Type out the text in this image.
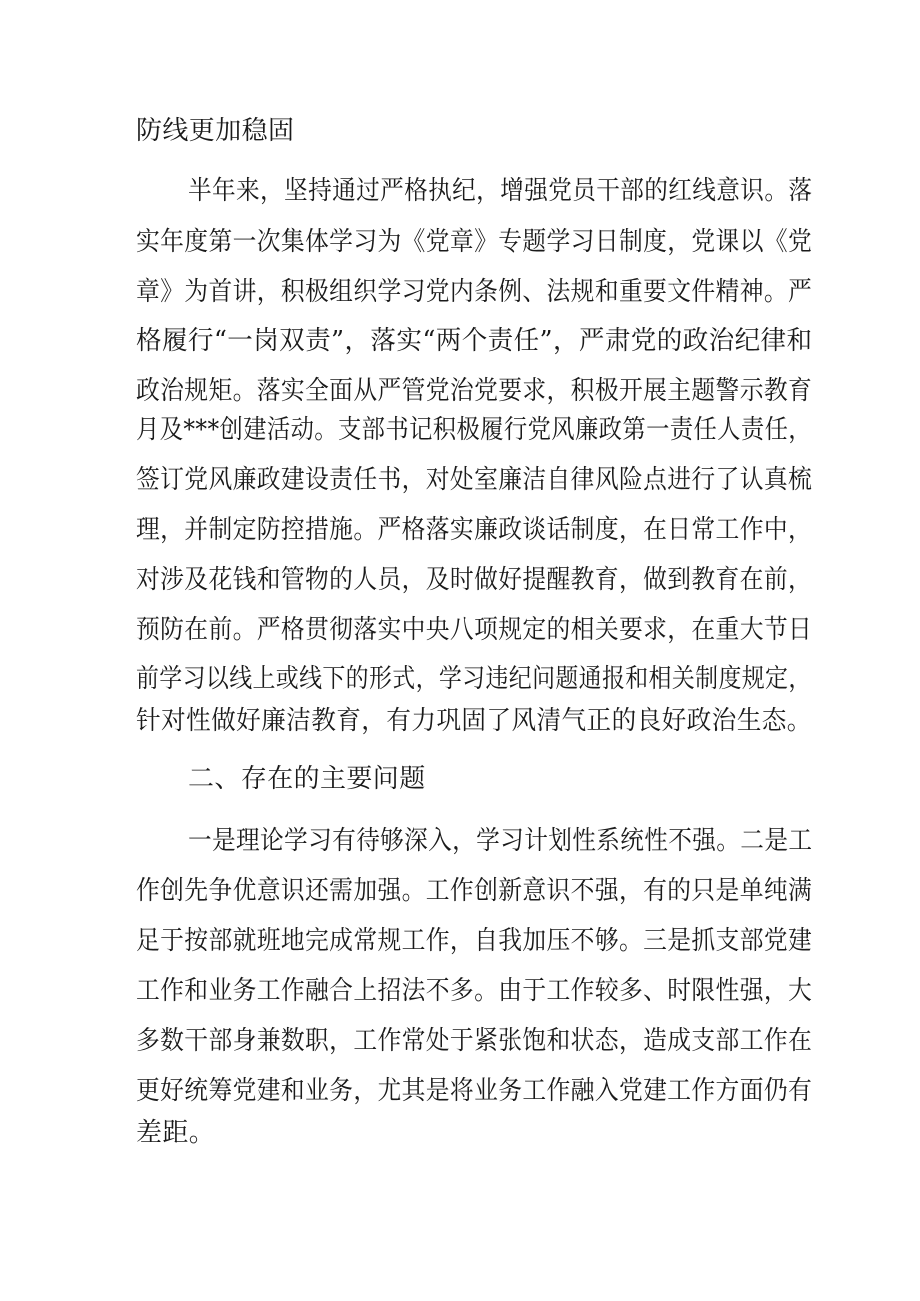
防线更加稳固
半年来，坚持通过严格执纪，增强党员干部的红线意识。落
实年度第一次集体学习为《党章》专题学习日制度，党课以《党
章》为首讲，积极组织学习党内条例、法规和重要文件精神。严
格履行“一岗双责”，落实“两个责任”，严肃党的政治纪律和
政治规矩。落实全面从严管党治党要求，积极开展主题警示教育
月及***创建活动。支部书记积极履行党风廉政第一责任人责任，
签订党风廉政建设责任书，对处室廉洁自律风险点进行了认真梳
理，并制定防控措施。严格落实廉政谈话制度，在日常工作中，
对涉及花钱和管物的人员，及时做好提醒教育，做到教育在前，
预防在前。严格贯彻落实中央八项规定的相关要求，在重大节日
前学习以线上或线下的形式，学习违纪问题通报和相关制度规定，
针对性做好廉洁教育，有力巩固了风清气正的良好政治生态。
二、存在的主要问题
一是理论学习有待够深入，学习计划性系统性不强。二是工
作创先争优意识还需加强。工作创新意识不强，有的只是单纯满
足于按部就班地完成常规工作，自我加压不够。三是抓支部党建
工作和业务工作融合上招法不多。由于工作较多、时限性强，大
多数干部身兼数职，工作常处于紧张饱和状态，造成支部工作在
更好统筹党建和业务，尤其是将业务工作融入党建工作方面仍有
差距。
